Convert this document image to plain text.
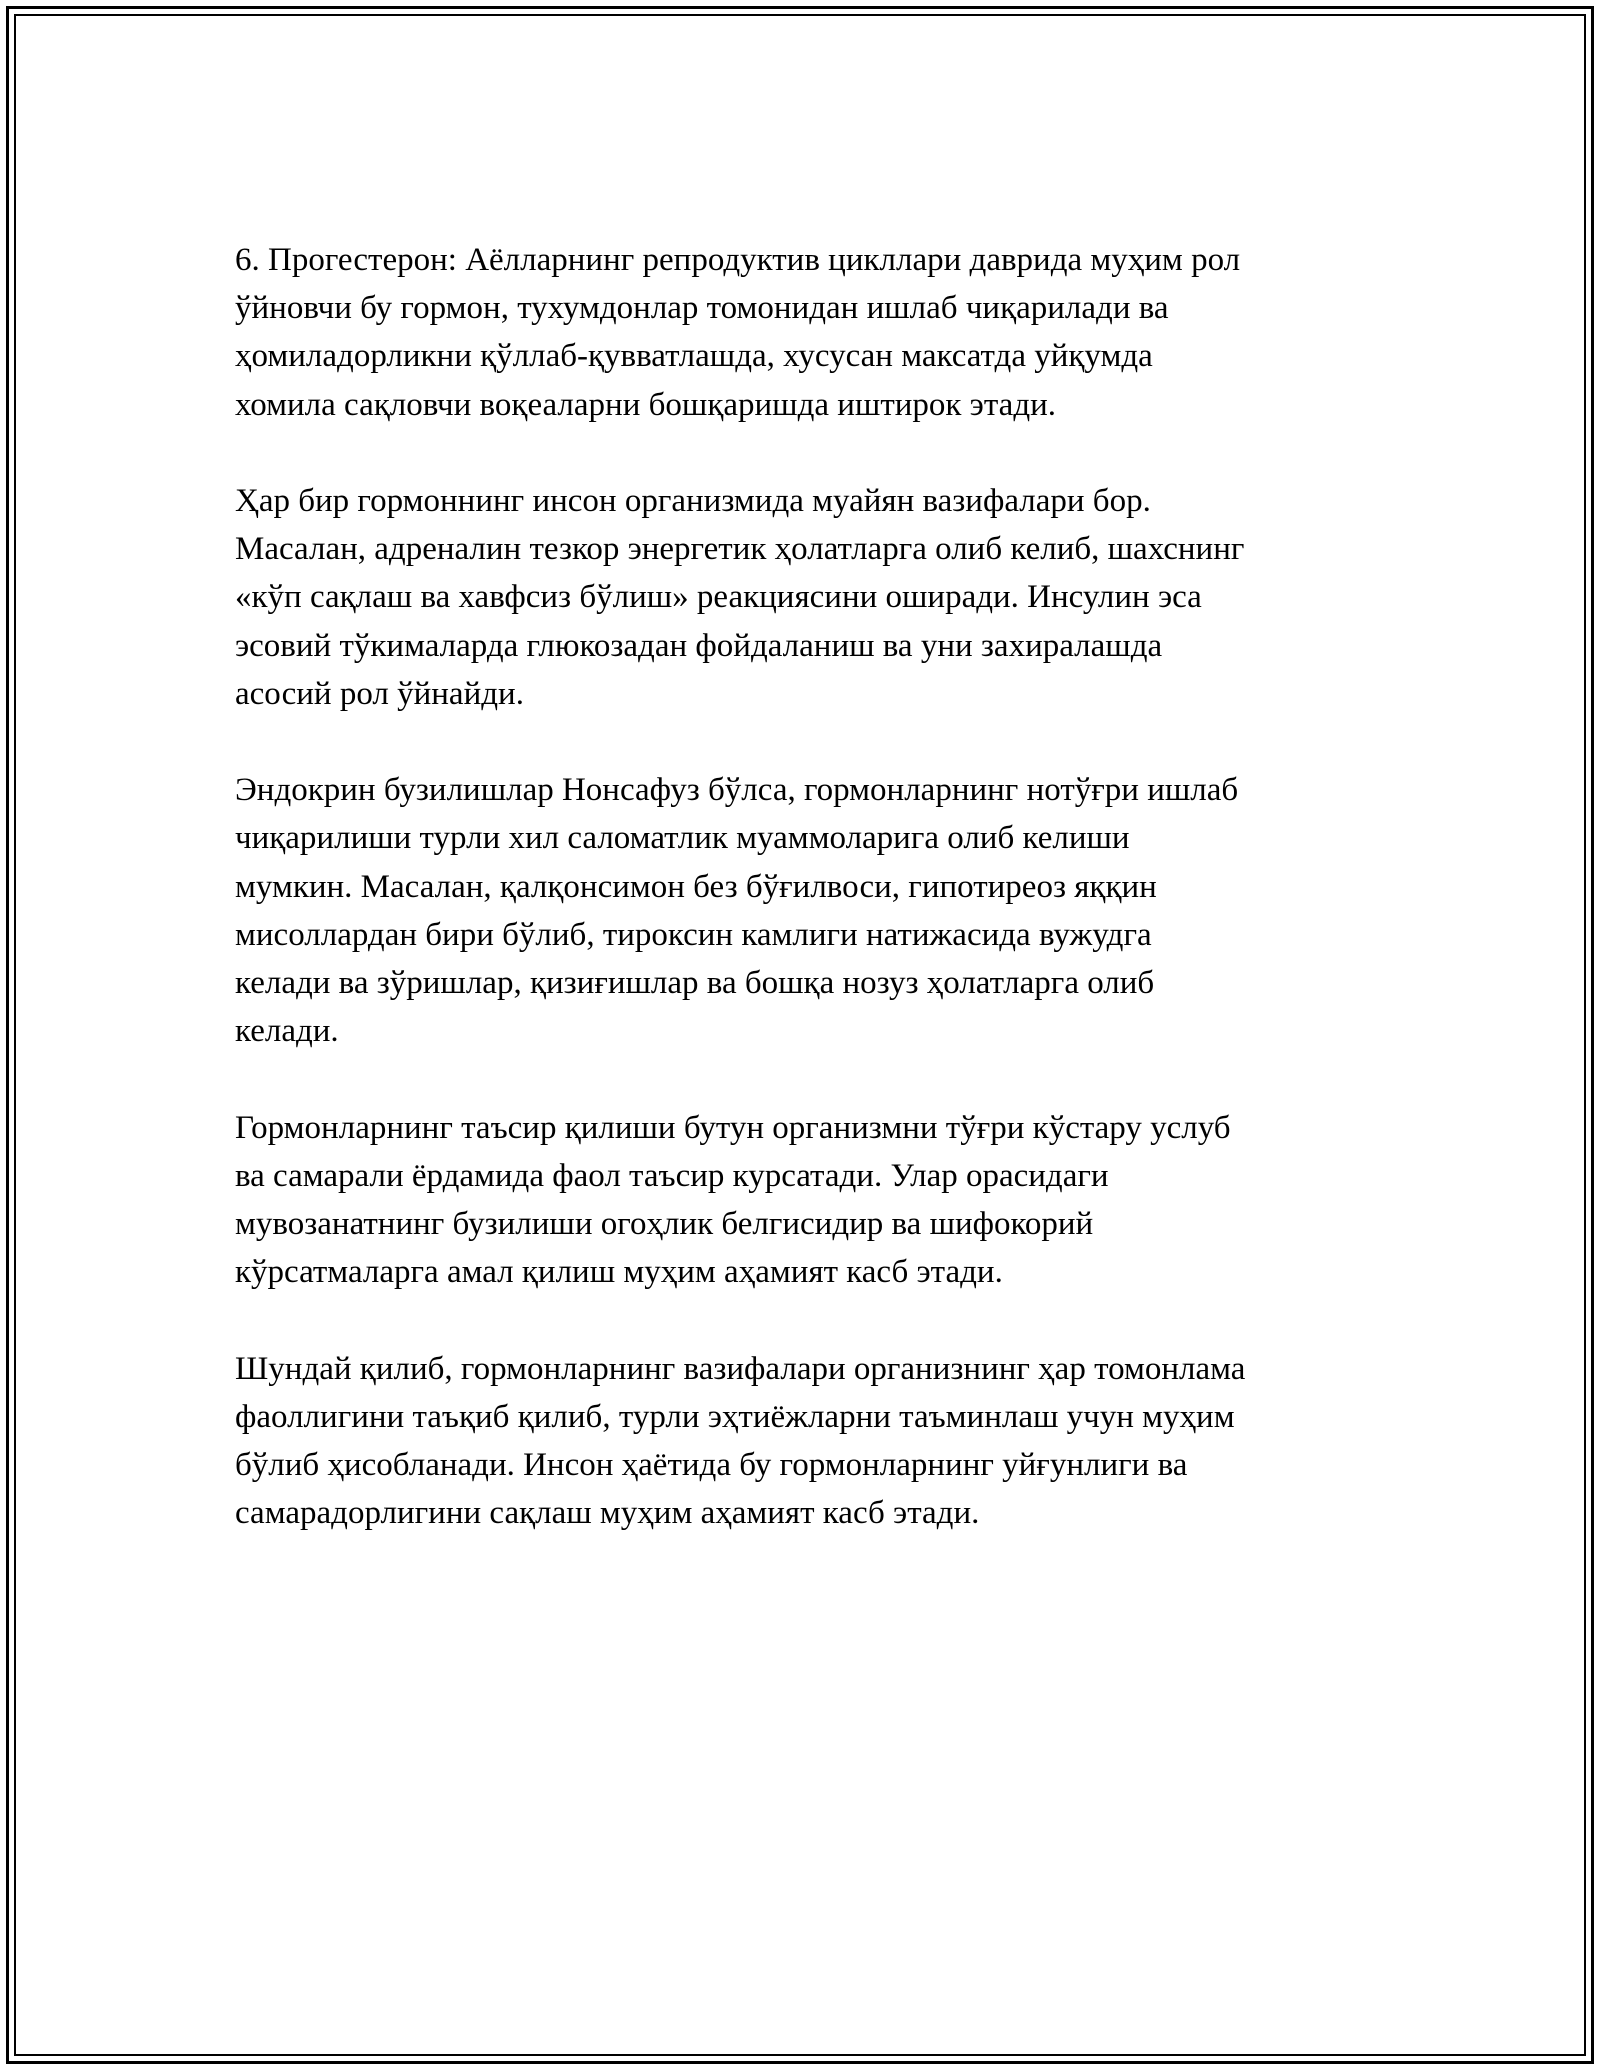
6. Прогестерон: Аёлларнинг репродуктив цикллари даврида муҳим рол
ўйновчи бу гормон, тухумдонлар томонидан ишлаб чиқарилади ва
ҳомиладорликни қўллаб-қувватлашда, хусусан максатда уйқумда
хомила сақловчи воқеаларни бошқаришда иштирок этади.

Ҳар бир гормоннинг инсон организмида муайян вазифалари бор.
Масалан, адреналин тезкор энергетик ҳолатларга олиб келиб, шахснинг
«кўп сақлаш ва хавфсиз бўлиш» реакциясини оширади. Инсулин эса
эсовий тўкималарда глюкозадан фойдаланиш ва уни захиралашда
асосий рол ўйнайди.

Эндокрин бузилишлар Нонсафуз бўлса, гормонларнинг нотўғри ишлаб
чиқарилиши турли хил саломатлик муаммоларига олиб келиши
мумкин. Масалан, қалқонсимон без бўғилвоси, гипотиреоз яққин
мисоллардан бири бўлиб, тироксин камлиги натижасида вужудга
келади ва зўришлар, қизиғишлар ва бошқа нозуз ҳолатларга олиб
келади.

Гормонларнинг таъсир қилиши бутун организмни тўғри кўстару услуб
ва самарали ёрдамида фаол таъсир курсатади. Улар орасидаги
мувозанатнинг бузилиши огоҳлик белгисидир ва шифокорий
кўрсатмаларга амал қилиш муҳим аҳамият касб этади.

Шундай қилиб, гормонларнинг вазифалари организнинг ҳар томонлама
фаоллигини таъқиб қилиб, турли эҳтиёжларни таъминлаш учун муҳим
бўлиб ҳисобланади. Инсон ҳаётида бу гормонларнинг уйғунлиги ва
самарадорлигини сақлаш муҳим аҳамият касб этади.
